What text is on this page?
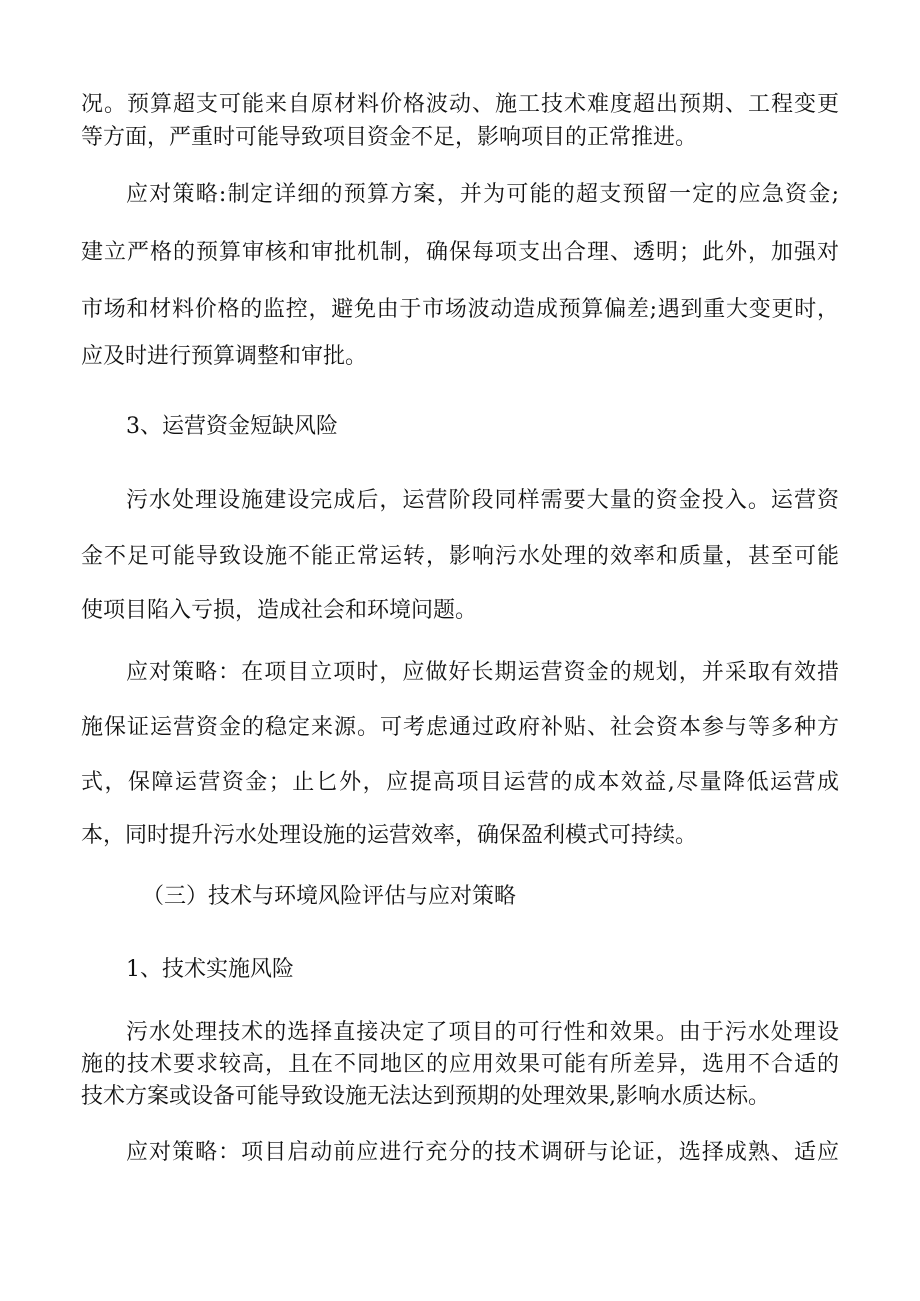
况。预算超支可能来自原材料价格波动、施工技术难度超出预期、工程变更
等方面，严重时可能导致项目资金不足，影响项目的正常推进。
应对策略:制定详细的预算方案，并为可能的超支预留一定的应急资金;
建立严格的预算审核和审批机制，确保每项支出合理、透明；此外，加强对
市场和材料价格的监控，避免由于市场波动造成预算偏差;遇到重大变更时，
应及时进行预算调整和审批。
3、运营资金短缺风险
污水处理设施建设完成后，运营阶段同样需要大量的资金投入。运营资
金不足可能导致设施不能正常运转，影响污水处理的效率和质量，甚至可能
使项目陷入亏损，造成社会和环境问题。
应对策略：在项目立项时，应做好长期运营资金的规划，并采取有效措
施保证运营资金的稳定来源。可考虑通过政府补贴、社会资本参与等多种方
式，保障运营资金；止匕外，应提高项目运营的成本效益,尽量降低运营成
本，同时提升污水处理设施的运营效率，确保盈利模式可持续。
（三）技术与环境风险评估与应对策略
1、技术实施风险
污水处理技术的选择直接决定了项目的可行性和效果。由于污水处理设
施的技术要求较高，且在不同地区的应用效果可能有所差异，选用不合适的
技术方案或设备可能导致设施无法达到预期的处理效果,影响水质达标。
应对策略：项目启动前应进行充分的技术调研与论证，选择成熟、适应
